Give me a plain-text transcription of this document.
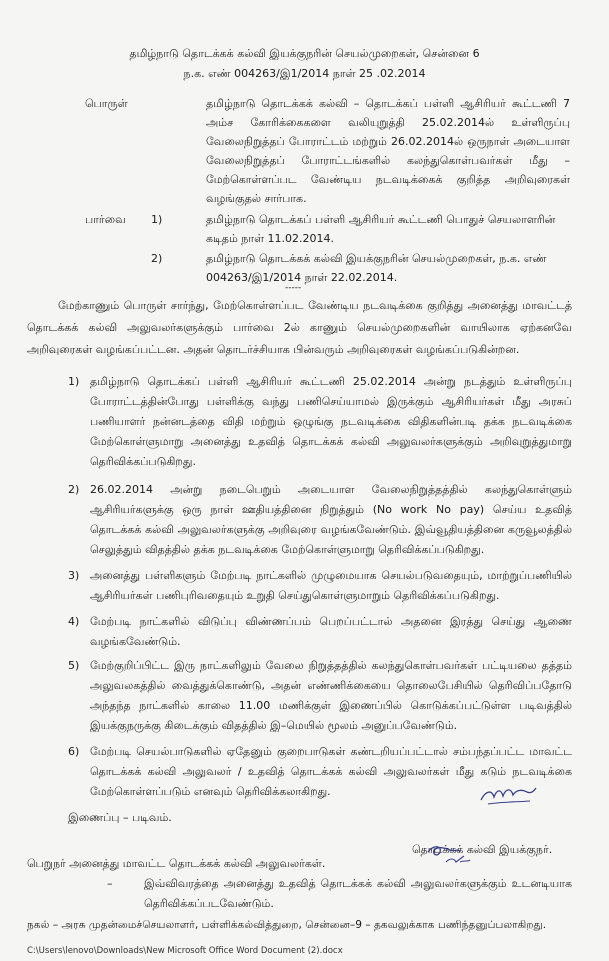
தமிழ்நாடு தொடக்கக் கல்வி இயக்குநரின் செயல்முறைகள், சென்னை 6
ந.க. எண் 004263/இ1/2014 நாள் 25 .02.2014
பொருள்	தமிழ்நாடு தொடக்கக் கல்வி – தொடக்கப் பள்ளி ஆசிரியர் கூட்டணி 7
அம்ச கோரிக்கைகளை வலியுறுத்தி 25.02.2014ல் உள்ளிருப்பு
வேலைநிறுத்தப் போராட்டம் மற்றும் 26.02.2014ல் ஒருநாள் அடையாள
வேலைநிறுத்தப் போராட்டங்களில் கலந்துகொள்பவர்கள் மீது –
மேற்கொள்ளப்பட வேண்டிய நடவடிக்கைக் குறித்த அறிவுரைகள்
வழங்குதல் சார்பாக.
பார்வை 1)	தமிழ்நாடு தொடக்கப் பள்ளி ஆசிரியர் கூட்டணி பொதுச் செயலாளரின்
கடிதம் நாள் 11.02.2014.
2)	தமிழ்நாடு தொடக்கக் கல்வி இயக்குநரின் செயல்முறைகள், ந.க. எண்
004263/இ1/2014 நாள் 22.02.2014.
-----
மேற்காணும் பொருள் சார்ந்து, மேற்கொள்ளப்பட வேண்டிய நடவடிக்கை குறித்து அனைத்து மாவட்டத்
தொடக்கக் கல்வி அலுவலர்களுக்கும் பார்வை 2ல் காணும் செயல்முறைகளின் வாயிலாக ஏற்கனவே
அறிவுரைகள் வழங்கப்பட்டன. அதன் தொடர்ச்சியாக பின்வரும் அறிவுரைகள் வழங்கப்படுகின்றன.
1) தமிழ்நாடு தொடக்கப் பள்ளி ஆசிரியர் கூட்டணி 25.02.2014 அன்று நடத்தும் உள்ளிருப்பு
போராட்டத்தின்போது பள்ளிக்கு வந்து பணிசெய்யாமல் இருக்கும் ஆசிரியர்கள் மீது அரசுப்
பணியாளர் நன்னடத்தை விதி மற்றும் ஒழுங்கு நடவடிக்கை விதிகளின்படி தக்க நடவடிக்கை
மேற்கொள்ளுமாறு அனைத்து உதவித் தொடக்கக் கல்வி அலுவலர்களுக்கும் அறிவுறுத்துமாறு
தெரிவிக்கப்படுகிறது.
2) 26.02.2014 அன்று நடைபெறும் அடையாள வேலைநிறுத்தத்தில் கலந்துகொள்ளும்
ஆசிரியர்களுக்கு ஒரு நாள் ஊதியத்தினை நிறுத்தும் (No work No pay) செய்ய உதவித்
தொடக்கக் கல்வி அலுவலர்களுக்கு அறிவுரை வழங்கவேண்டும். இவ்வூதியத்தினை கருவூலத்தில்
செலுத்தும் விதத்தில் தக்க நடவடிக்கை மேற்கொள்ளுமாறு தெரிவிக்கப்படுகிறது.
3) அனைத்து பள்ளிகளும் மேற்படி நாட்களில் முழுமையாக செயல்படுவதையும், மாற்றுப்பணியில்
ஆசிரியர்கள் பணிபுரிவதையும் உறுதி செய்துகொள்ளுமாறும் தெரிவிக்கப்படுகிறது.
4) மேற்படி நாட்களில் விடுப்பு விண்ணப்பம் பெறப்பட்டால் அதனை இரத்து செய்து ஆணை
வழங்கவேண்டும்.
5) மேற்குறிப்பிட்ட இரு நாட்களிலும் வேலை நிறுத்தத்தில் கலந்துகொள்பவர்கள் பட்டியலை தத்தம்
அலுவலகத்தில் வைத்துக்கொண்டு, அதன் எண்ணிக்கையை தொலைபேசியில் தெரிவிப்பதோடு
அந்தந்த நாட்களில் காலை 11.00 மணிக்குள் இணைப்பில் கொடுக்கப்பட்டுள்ள படிவத்தில்
இயக்குநருக்கு கிடைக்கும் விதத்தில் இ–மெயில் மூலம் அனுப்பவேண்டும்.
6) மேற்படி செயல்பாடுகளில் ஏதேனும் குறைபாடுகள் கண்டறியப்பட்டால் சம்பந்தப்பட்ட மாவட்ட
தொடக்கக் கல்வி அலுவலர் / உதவித் தொடக்கக் கல்வி அலுவலர்கள் மீது கடும் நடவடிக்கை
மேற்கொள்ளப்படும் எனவும் தெரிவிக்கலாகிறது.
இணைப்பு – படிவம்.
தொடக்கக் கல்வி இயக்குநர்.
பெறுநர் அனைத்து மாவட்ட தொடக்கக் கல்வி அலுவலர்கள்.
–	இவ்விவரத்தை அனைத்து உதவித் தொடக்கக் கல்வி அலுவலர்களுக்கும் உடனடியாக
தெரிவிக்கப்படவேண்டும்.
நகல் – அரசு முதன்மைச்செயலாளர், பள்ளிக்கல்வித்துறை, சென்னை–9 – தகவலுக்காக பணிந்தனுப்பலாகிறது.
C:\Users\lenovo\Downloads\New Microsoft Office Word Document (2).docx
